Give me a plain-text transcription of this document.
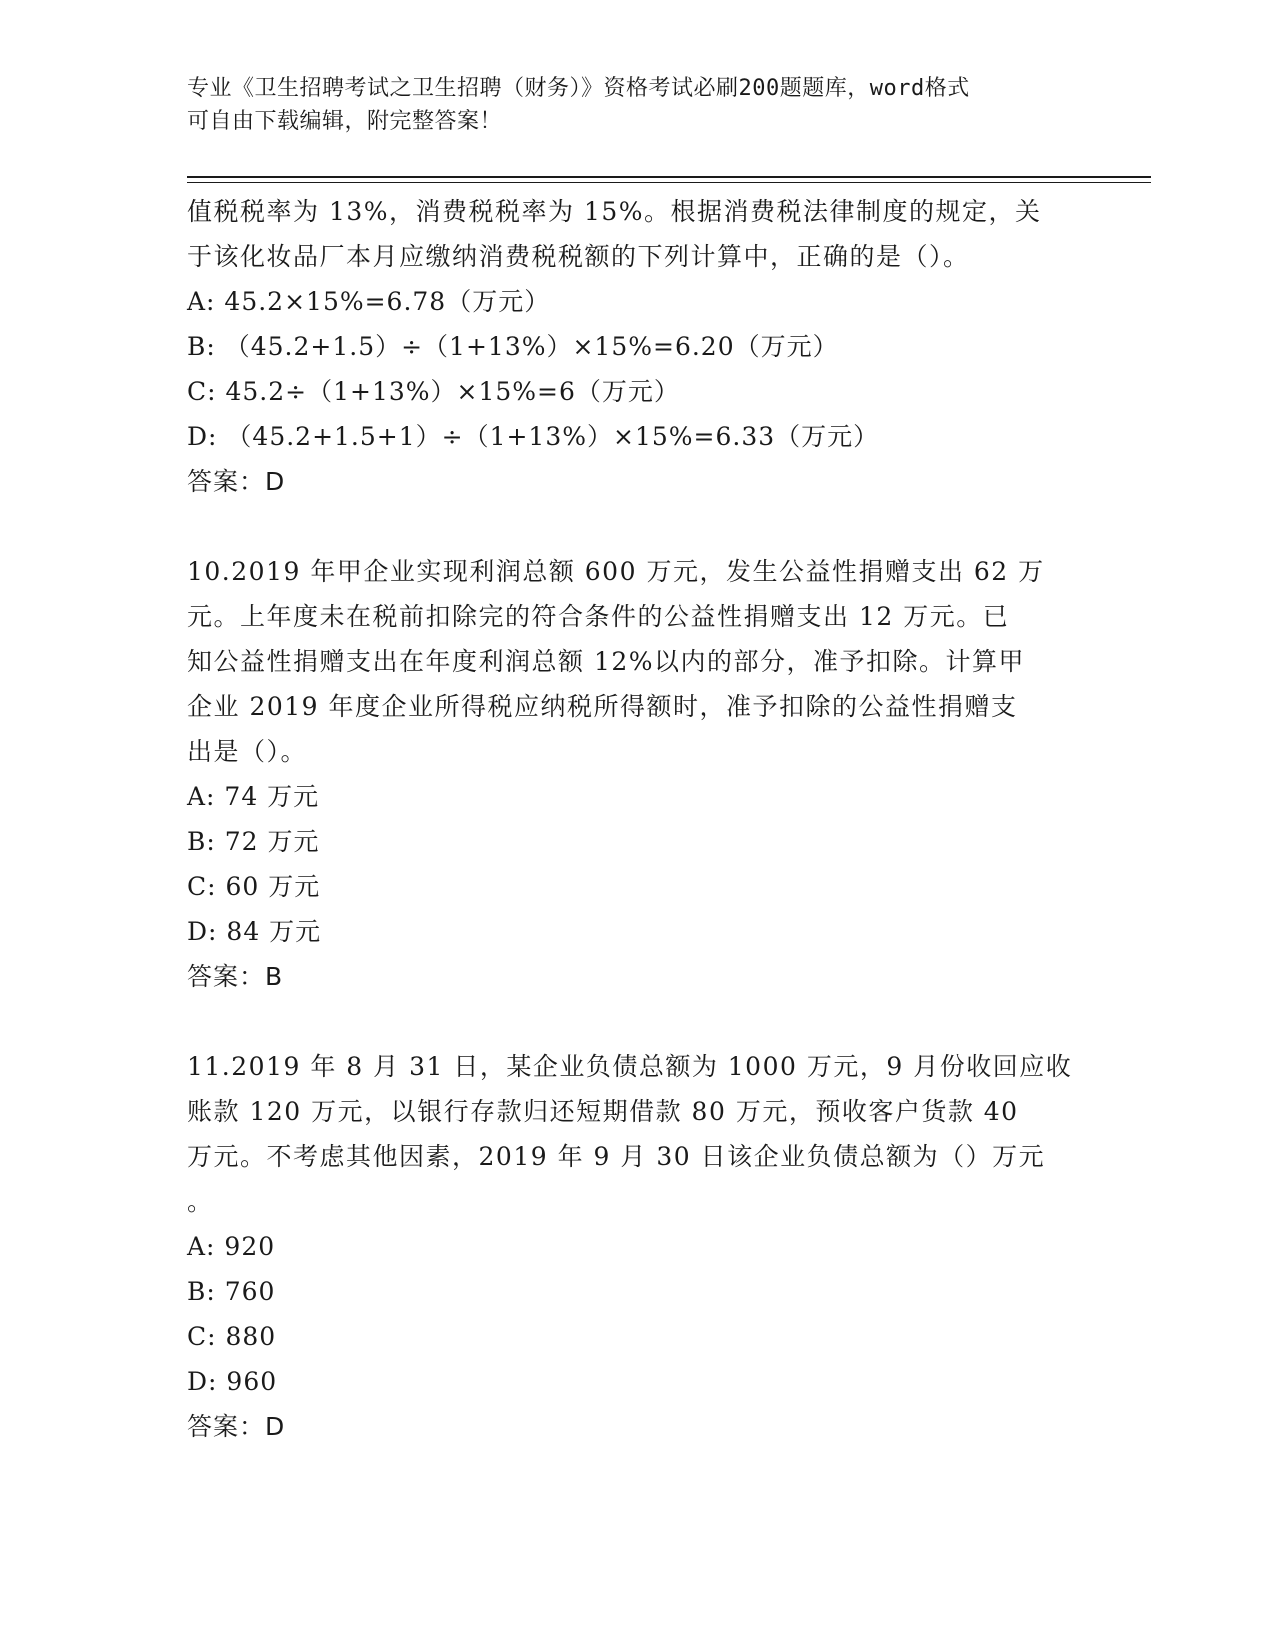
专业《卫生招聘考试之卫生招聘（财务）》资格考试必刷200题题库，word格式
可自由下载编辑，附完整答案！

值税税率为 13%，消费税税率为 15%。根据消费税法律制度的规定，关

于该化妆品厂本月应缴纳消费税税额的下列计算中，正确的是（）。

A: 45.2×15%=6.78（万元）

B: （45.2+1.5）÷（1+13%）×15%=6.20（万元）

C: 45.2÷（1+13%）×15%=6（万元）

D: （45.2+1.5+1）÷（1+13%）×15%=6.33（万元）

答案：D

10.2019 年甲企业实现利润总额 600 万元，发生公益性捐赠支出 62 万

元。上年度未在税前扣除完的符合条件的公益性捐赠支出 12 万元。已

知公益性捐赠支出在年度利润总额 12%以内的部分，准予扣除。计算甲

企业 2019 年度企业所得税应纳税所得额时，准予扣除的公益性捐赠支

出是（）。

A: 74 万元

B: 72 万元

C: 60 万元

D: 84 万元

答案：B

11.2019 年 8 月 31 日，某企业负债总额为 1000 万元，9 月份收回应收

账款 120 万元，以银行存款归还短期借款 80 万元，预收客户货款 40

万元。不考虑其他因素，2019 年 9 月 30 日该企业负债总额为（）万元

。

A: 920

B: 760

C: 880

D: 960

答案：D
